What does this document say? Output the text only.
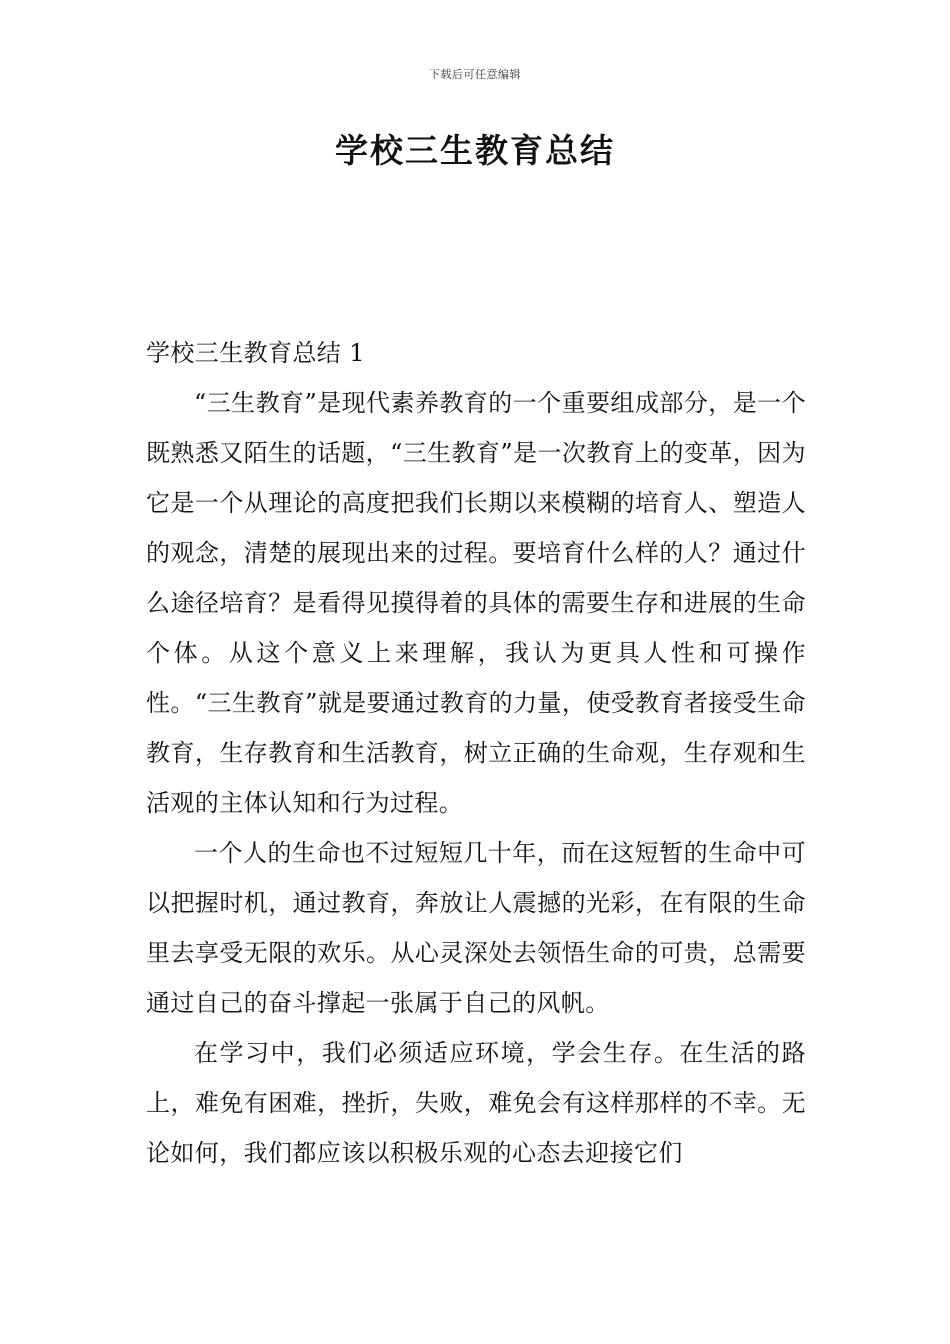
下载后可任意编辑
学校三生教育总结
学校三生教育总结 1

“三生教育”是现代素养教育的一个重要组成部分，是一个既熟悉又陌生的话题，“三生教育”是一次教育上的变革，因为它是一个从理论的高度把我们长期以来模糊的培育人、塑造人的观念，清楚的展现出来的过程。要培育什么样的人？通过什么途径培育？是看得见摸得着的具体的需要生存和进展的生命个体。从这个意义上来理解，我认为更具人性和可操作性。“三生教育”就是要通过教育的力量，使受教育者接受生命教育，生存教育和生活教育，树立正确的生命观，生存观和生活观的主体认知和行为过程。

一个人的生命也不过短短几十年，而在这短暂的生命中可以把握时机，通过教育，奔放让人震撼的光彩，在有限的生命里去享受无限的欢乐。从心灵深处去领悟生命的可贵，总需要通过自己的奋斗撑起一张属于自己的风帆。

在学习中，我们必须适应环境，学会生存。在生活的路上，难免有困难，挫折，失败，难免会有这样那样的不幸。无论如何，我们都应该以积极乐观的心态去迎接它们
